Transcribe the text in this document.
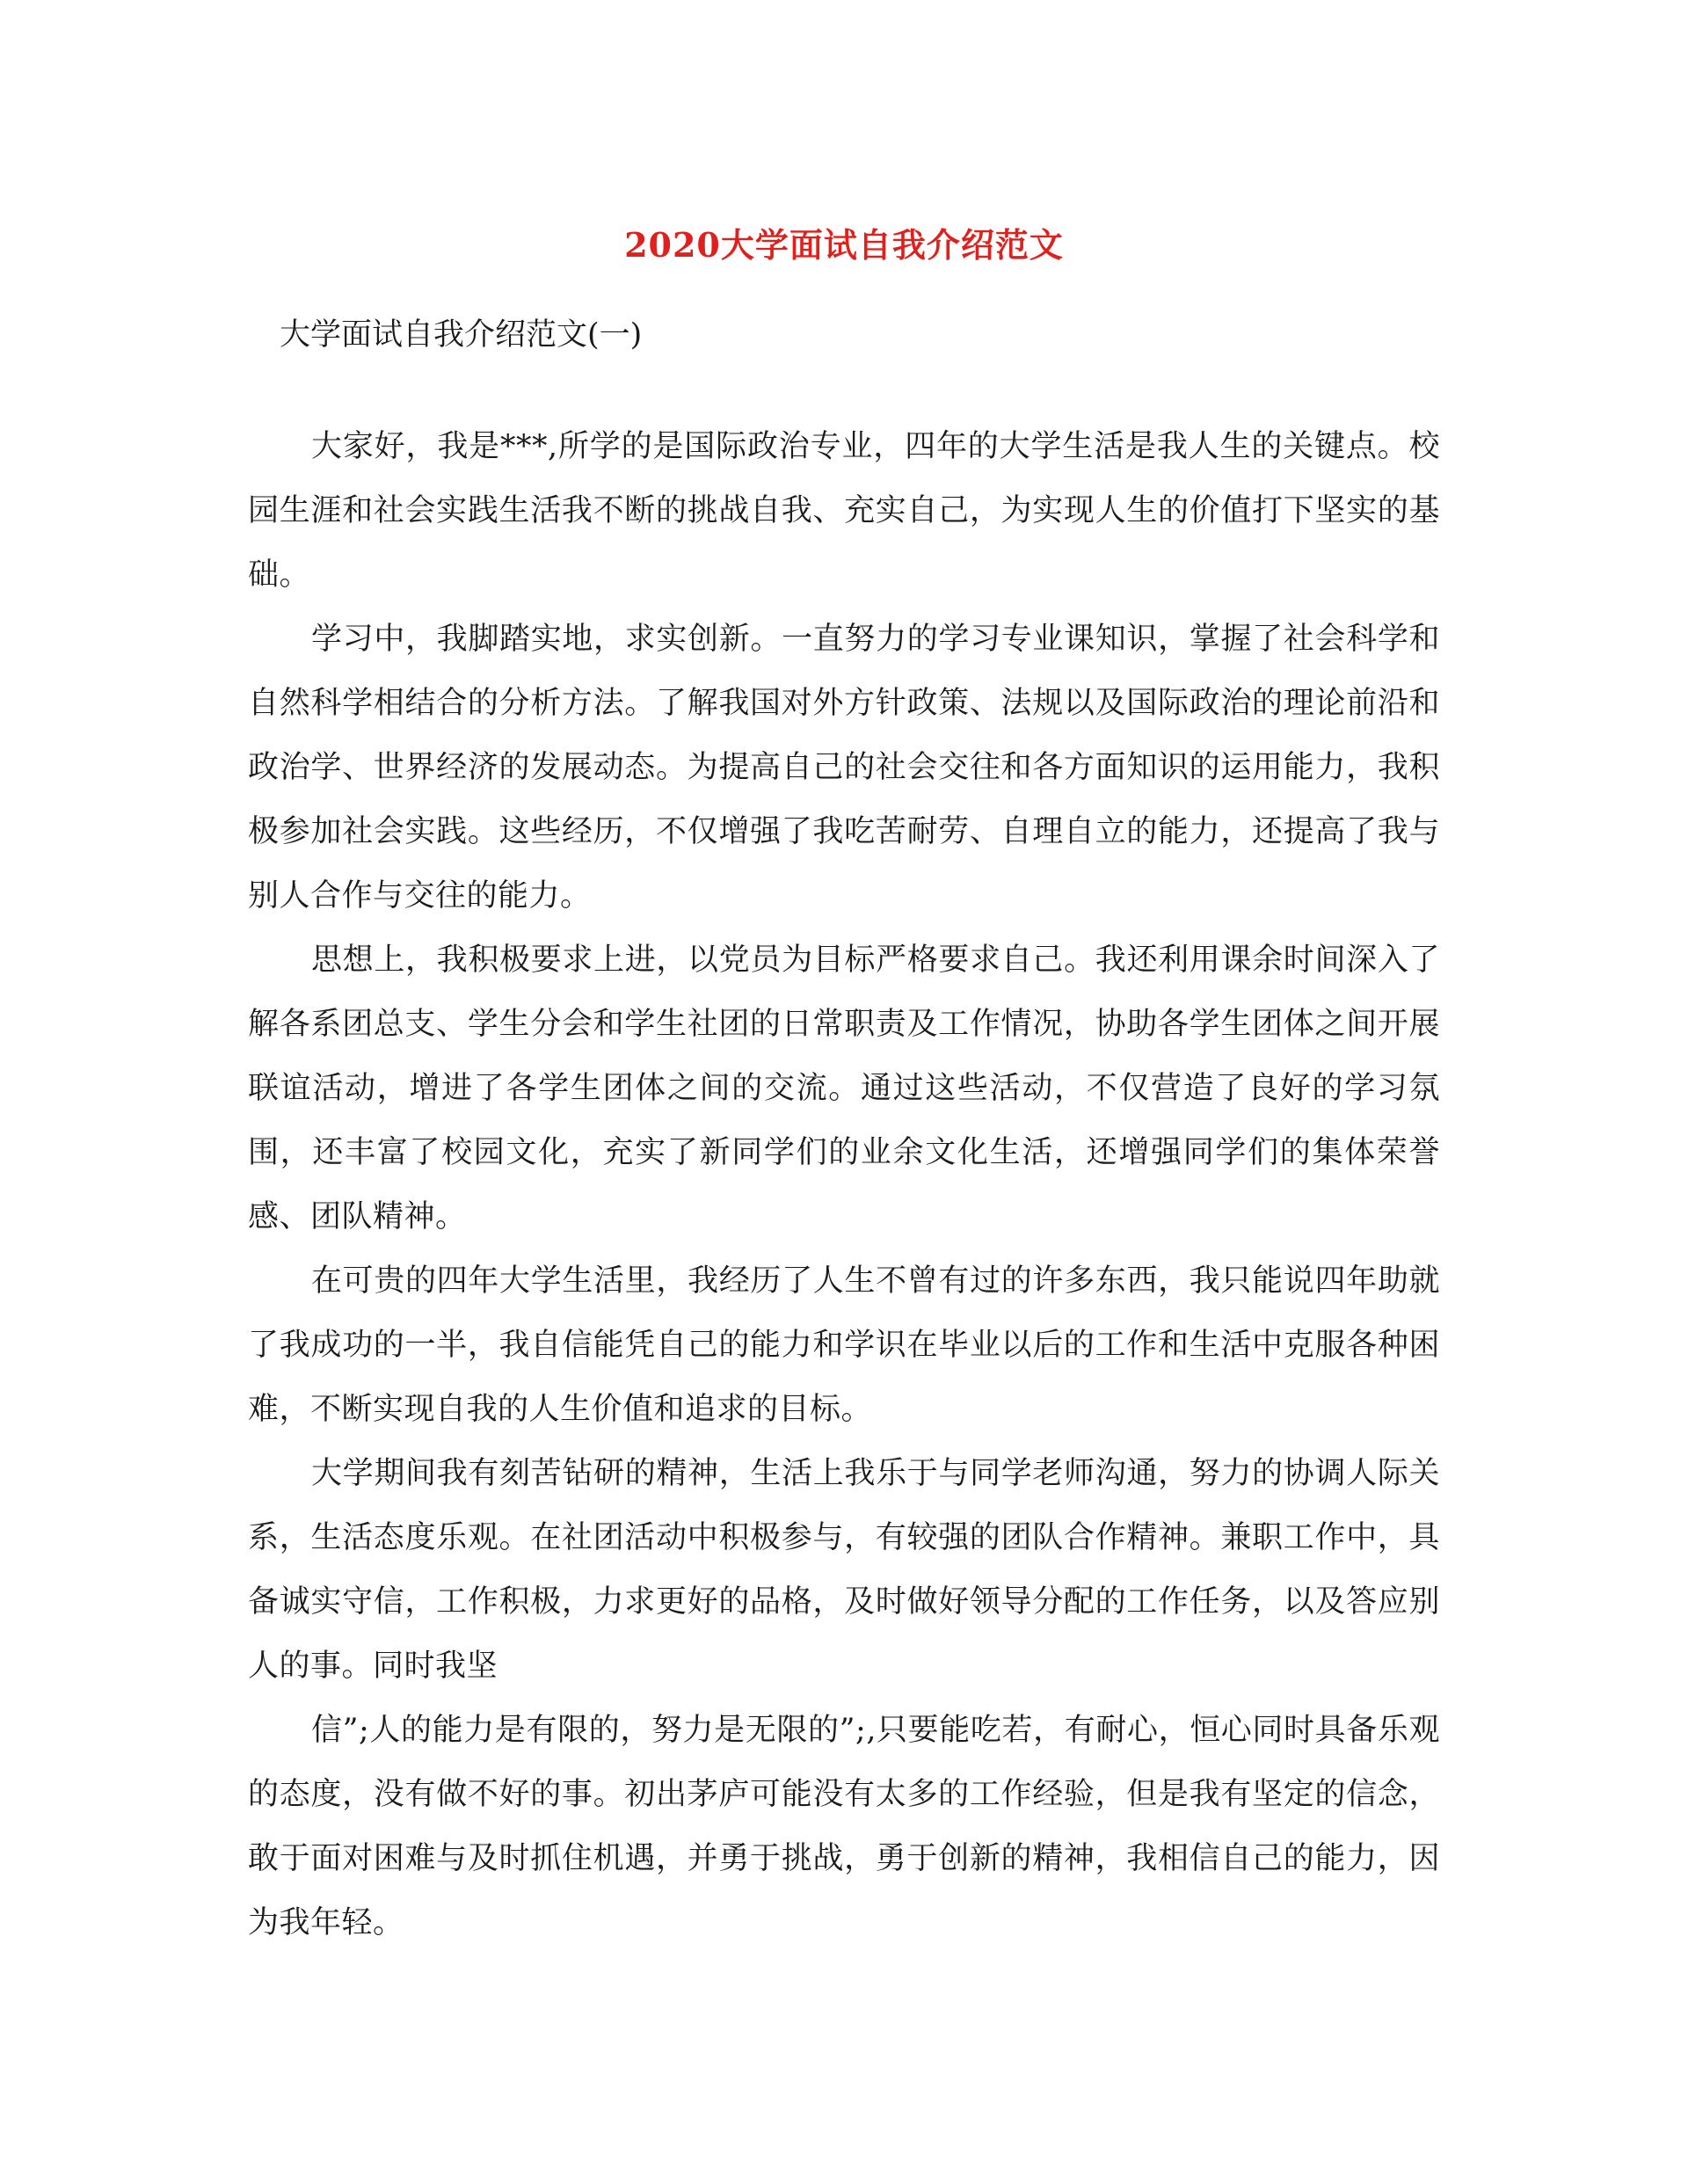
2020大学面试自我介绍范文
大学面试自我介绍范文(一)

大家好，我是***,所学的是国际政治专业，四年的大学生活是我人生的关键点。校园生涯和社会实践生活我不断的挑战自我、充实自己，为实现人生的价值打下坚实的基础。

学习中，我脚踏实地，求实创新。一直努力的学习专业课知识，掌握了社会科学和自然科学相结合的分析方法。了解我国对外方针政策、法规以及国际政治的理论前沿和政治学、世界经济的发展动态。为提高自己的社会交往和各方面知识的运用能力，我积极参加社会实践。这些经历，不仅增强了我吃苦耐劳、自理自立的能力，还提高了我与别人合作与交往的能力。

思想上，我积极要求上进，以党员为目标严格要求自己。我还利用课余时间深入了解各系团总支、学生分会和学生社团的日常职责及工作情况，协助各学生团体之间开展联谊活动，增进了各学生团体之间的交流。通过这些活动，不仅营造了良好的学习氛围，还丰富了校园文化，充实了新同学们的业余文化生活，还增强同学们的集体荣誉感、团队精神。

在可贵的四年大学生活里，我经历了人生不曾有过的许多东西，我只能说四年助就了我成功的一半，我自信能凭自己的能力和学识在毕业以后的工作和生活中克服各种困难，不断实现自我的人生价值和追求的目标。

大学期间我有刻苦钻研的精神，生活上我乐于与同学老师沟通，努力的协调人际关系，生活态度乐观。在社团活动中积极参与，有较强的团队合作精神。兼职工作中，具备诚实守信，工作积极，力求更好的品格，及时做好领导分配的工作任务，以及答应别人的事。同时我坚

信”;人的能力是有限的，努力是无限的”;,只要能吃若，有耐心，恒心同时具备乐观的态度，没有做不好的事。初出茅庐可能没有太多的工作经验，但是我有坚定的信念，敢于面对困难与及时抓住机遇，并勇于挑战，勇于创新的精神，我相信自己的能力，因为我年轻。
